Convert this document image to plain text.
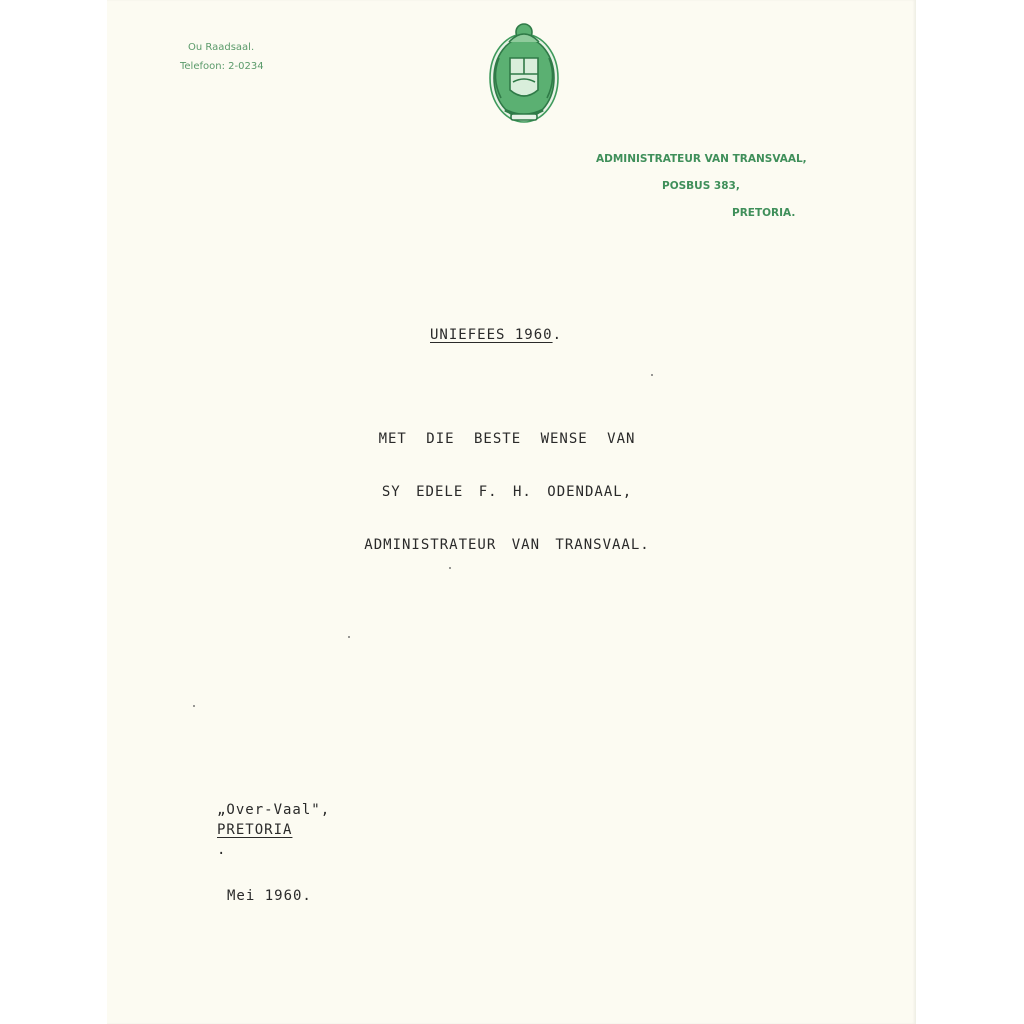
Ou Raadsaal.
Telefoon: 2-0234
ADMINISTRATEUR VAN TRANSVAAL,
POSBUS 383,
PRETORIA.
UNIEFEES 1960.
MET DIE BESTE WENSE VAN
SY EDELE F. H. ODENDAAL,
ADMINISTRATEUR VAN TRANSVAAL.
„Over-Vaal",
PRETORIA
.
Mei 1960.
